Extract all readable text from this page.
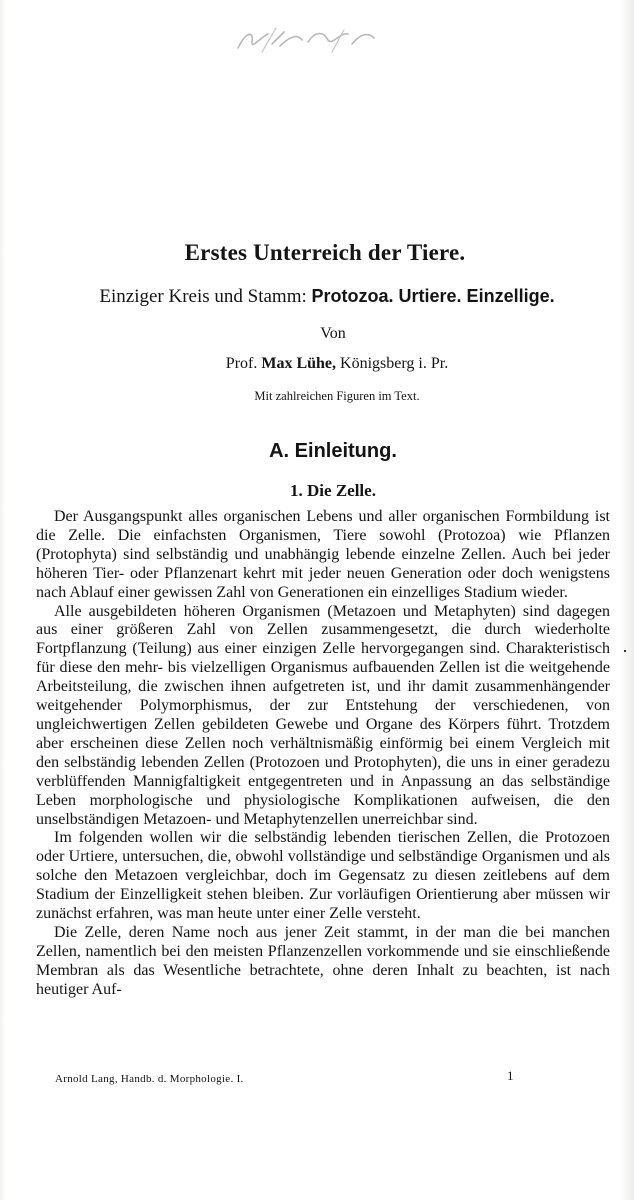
Erstes Unterreich der Tiere.
Einziger Kreis und Stamm: Protozoa. Urtiere. Einzellige.
Von
Prof. Max Lühe, Königsberg i. Pr.
Mit zahlreichen Figuren im Text.
A. Einleitung.
1. Die Zelle.

Der Ausgangspunkt alles organischen Lebens und aller organischen Formbildung ist die Zelle. Die einfachsten Organismen, Tiere sowohl (Protozoa) wie Pflanzen (Protophyta) sind selbständig und unabhängig lebende einzelne Zellen. Auch bei jeder höheren Tier- oder Pflanzenart kehrt mit jeder neuen Generation oder doch wenigstens nach Ablauf einer gewissen Zahl von Generationen ein einzelliges Stadium wieder.

Alle ausgebildeten höheren Organismen (Metazoen und Metaphyten) sind dagegen aus einer größeren Zahl von Zellen zusammengesetzt, die durch wiederholte Fortpflanzung (Teilung) aus einer einzigen Zelle hervorgegangen sind. Charakteristisch für diese den mehr- bis vielzelligen Organismus aufbauenden Zellen ist die weitgehende Arbeitsteilung, die zwischen ihnen aufgetreten ist, und ihr damit zusammenhängender weitgehender Polymorphismus, der zur Entstehung der verschiedenen, von ungleichwertigen Zellen gebildeten Gewebe und Organe des Körpers führt. Trotzdem aber erscheinen diese Zellen noch verhältnismäßig einförmig bei einem Vergleich mit den selbständig lebenden Zellen (Protozoen und Protophyten), die uns in einer geradezu verblüffenden Mannigfaltigkeit entgegentreten und in Anpassung an das selbständige Leben morphologische und physiologische Komplikationen aufweisen, die den unselbständigen Metazoen- und Metaphytenzellen unerreichbar sind.

Im folgenden wollen wir die selbständig lebenden tierischen Zellen, die Protozoen oder Urtiere, untersuchen, die, obwohl vollständige und selbständige Organismen und als solche den Metazoen vergleichbar, doch im Gegensatz zu diesen zeitlebens auf dem Stadium der Einzelligkeit stehen bleiben. Zur vorläufigen Orientierung aber müssen wir zunächst erfahren, was man heute unter einer Zelle versteht.

Die Zelle, deren Name noch aus jener Zeit stammt, in der man die bei manchen Zellen, namentlich bei den meisten Pflanzenzellen vorkommende und sie einschließende Membran als das Wesentliche betrachtete, ohne deren Inhalt zu beachten, ist nach heutiger Auf-

Arnold Lang, Handb. d. Morphologie. I.	1
